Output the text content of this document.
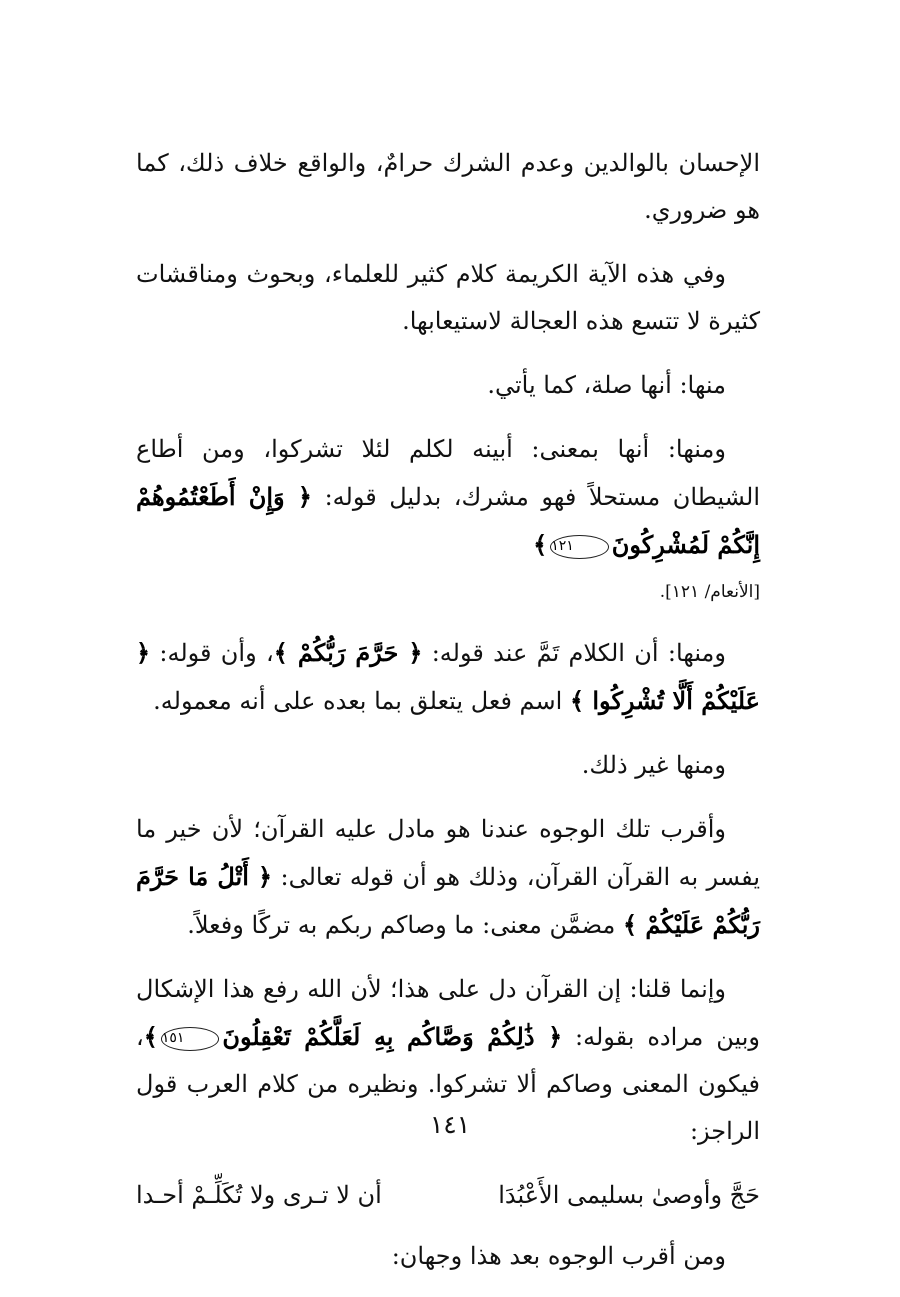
الإحسان بالوالدين وعدم الشرك حرامٌ، والواقع خلاف ذلك، كما هو ضروري.

وفي هذه الآية الكريمة كلام كثير للعلماء، وبحوث ومناقشات كثيرة لا تتسع هذه العجالة لاستيعابها.

منها: أنها صلة، كما يأتي.

ومنها: أنها بمعنى: أبينه لكلم لئلا تشركوا، ومن أطاع الشيطان مستحلاً فهو مشرك، بدليل قوله: ﴿ وَإِنْ أَطَعْتُمُوهُمْ إِنَّكُمْ لَمُشْرِكُونَ١٢١﴾

[الأنعام/ ١٢١].

ومنها: أن الكلام تَمَّ عند قوله: ﴿ حَرَّمَ رَبُّكُمْ ﴾، وأن قوله: ﴿ عَلَيْكُمْ أَلَّا تُشْرِكُوا ﴾ اسم فعل يتعلق بما بعده على أنه معموله.

ومنها غير ذلك.

وأقرب تلك الوجوه عندنا هو مادل عليه القرآن؛ لأن خير ما يفسر به القرآن القرآن، وذلك هو أن قوله تعالى: ﴿ أَتْلُ مَا حَرَّمَ رَبُّكُمْ عَلَيْكُمْ ﴾ مضمَّن معنى: ما وصاكم ربكم به تركًا وفعلاً.

وإنما قلنا: إن القرآن دل على هذا؛ لأن الله رفع هذا الإشكال وبين مراده بقوله: ﴿ ذَٰلِكُمْ وَصَّاكُم بِهِ لَعَلَّكُمْ تَعْقِلُونَ١٥١﴾، فيكون المعنى وصاكم ألا تشركوا. ونظيره من كلام العرب قول الراجز:

حَجَّ وأوصىٰ بسليمى الأَعْبُدَا
أن لا تـرى ولا تُكَلِّـمْ أحـدا

ومن أقرب الوجوه بعد هذا وجهان:

١٤١
